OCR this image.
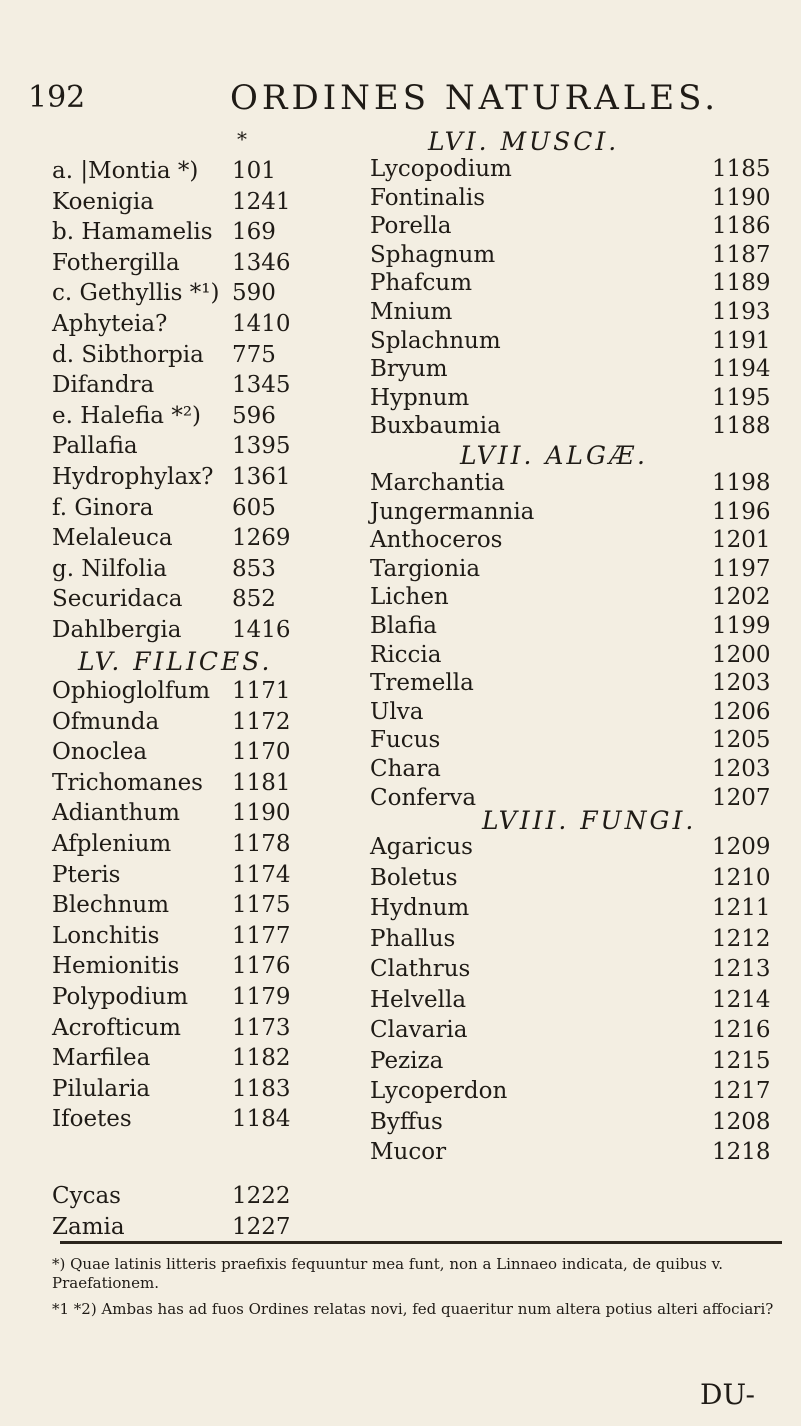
192	ORDINES NATURALES.
*
a. |Montia *) 101
Koenigia	1241
b. Hamamelis 169
Fothergilla 1346
c. Gethyllis *¹) 590
Aphyteia?	1410
d. Sibthorpia 775
Difandra	1345
e. Halefia *²) 596
Pallafia	1395
Hydrophylax? 1361
f. Ginora	605
Melaleuca	1269
g. Nilfolia	853
Securidaca 852
Dahlbergia 1416
LV. FILICES.
Ophioglolfum 1171
Ofmunda	1172
Onoclea	1170
Trichomanes 1181
Adianthum 1190
Afplenium	1178
Pteris	1174
Blechnum	1175
Lonchitis	1177
Hemionitis 1176
Polypodium 1179
Acrofticum 1173
Marfilea	1182
Pilularia	1183
Ifoetes	1184
Cycas	1222
Zamia	1227
LVI. MUSCI.
Lycopodium	1185
Fontinalis	1190
Porella	1186
Sphagnum	1187
Phafcum	1189
Mnium	1193
Splachnum	1191
Bryum	1194
Hypnum	1195
Buxbaumia	1188
LVII. ALGÆ.
Marchantia	1198
Jungermannia	1196
Anthoceros	1201
Targionia	1197
Lichen	1202
Blafia	1199
Riccia	1200
Tremella	1203
Ulva	1206
Fucus	1205
Chara	1203
Conferva	1207
LVIII. FUNGI.
Agaricus	1209
Boletus	1210
Hydnum	1211
Phallus	1212
Clathrus	1213
Helvella	1214
Clavaria	1216
Peziza	1215
Lycoperdon	1217
Byffus	1208
Mucor	1218
*) Quae latinis litteris praefixis fequuntur mea funt, non a Linnaeo indicata, de quibus v. Praefationem.
*1 *2) Ambas has ad fuos Ordines relatas novi, fed quaeritur num altera potius alteri affociari?
DU-
